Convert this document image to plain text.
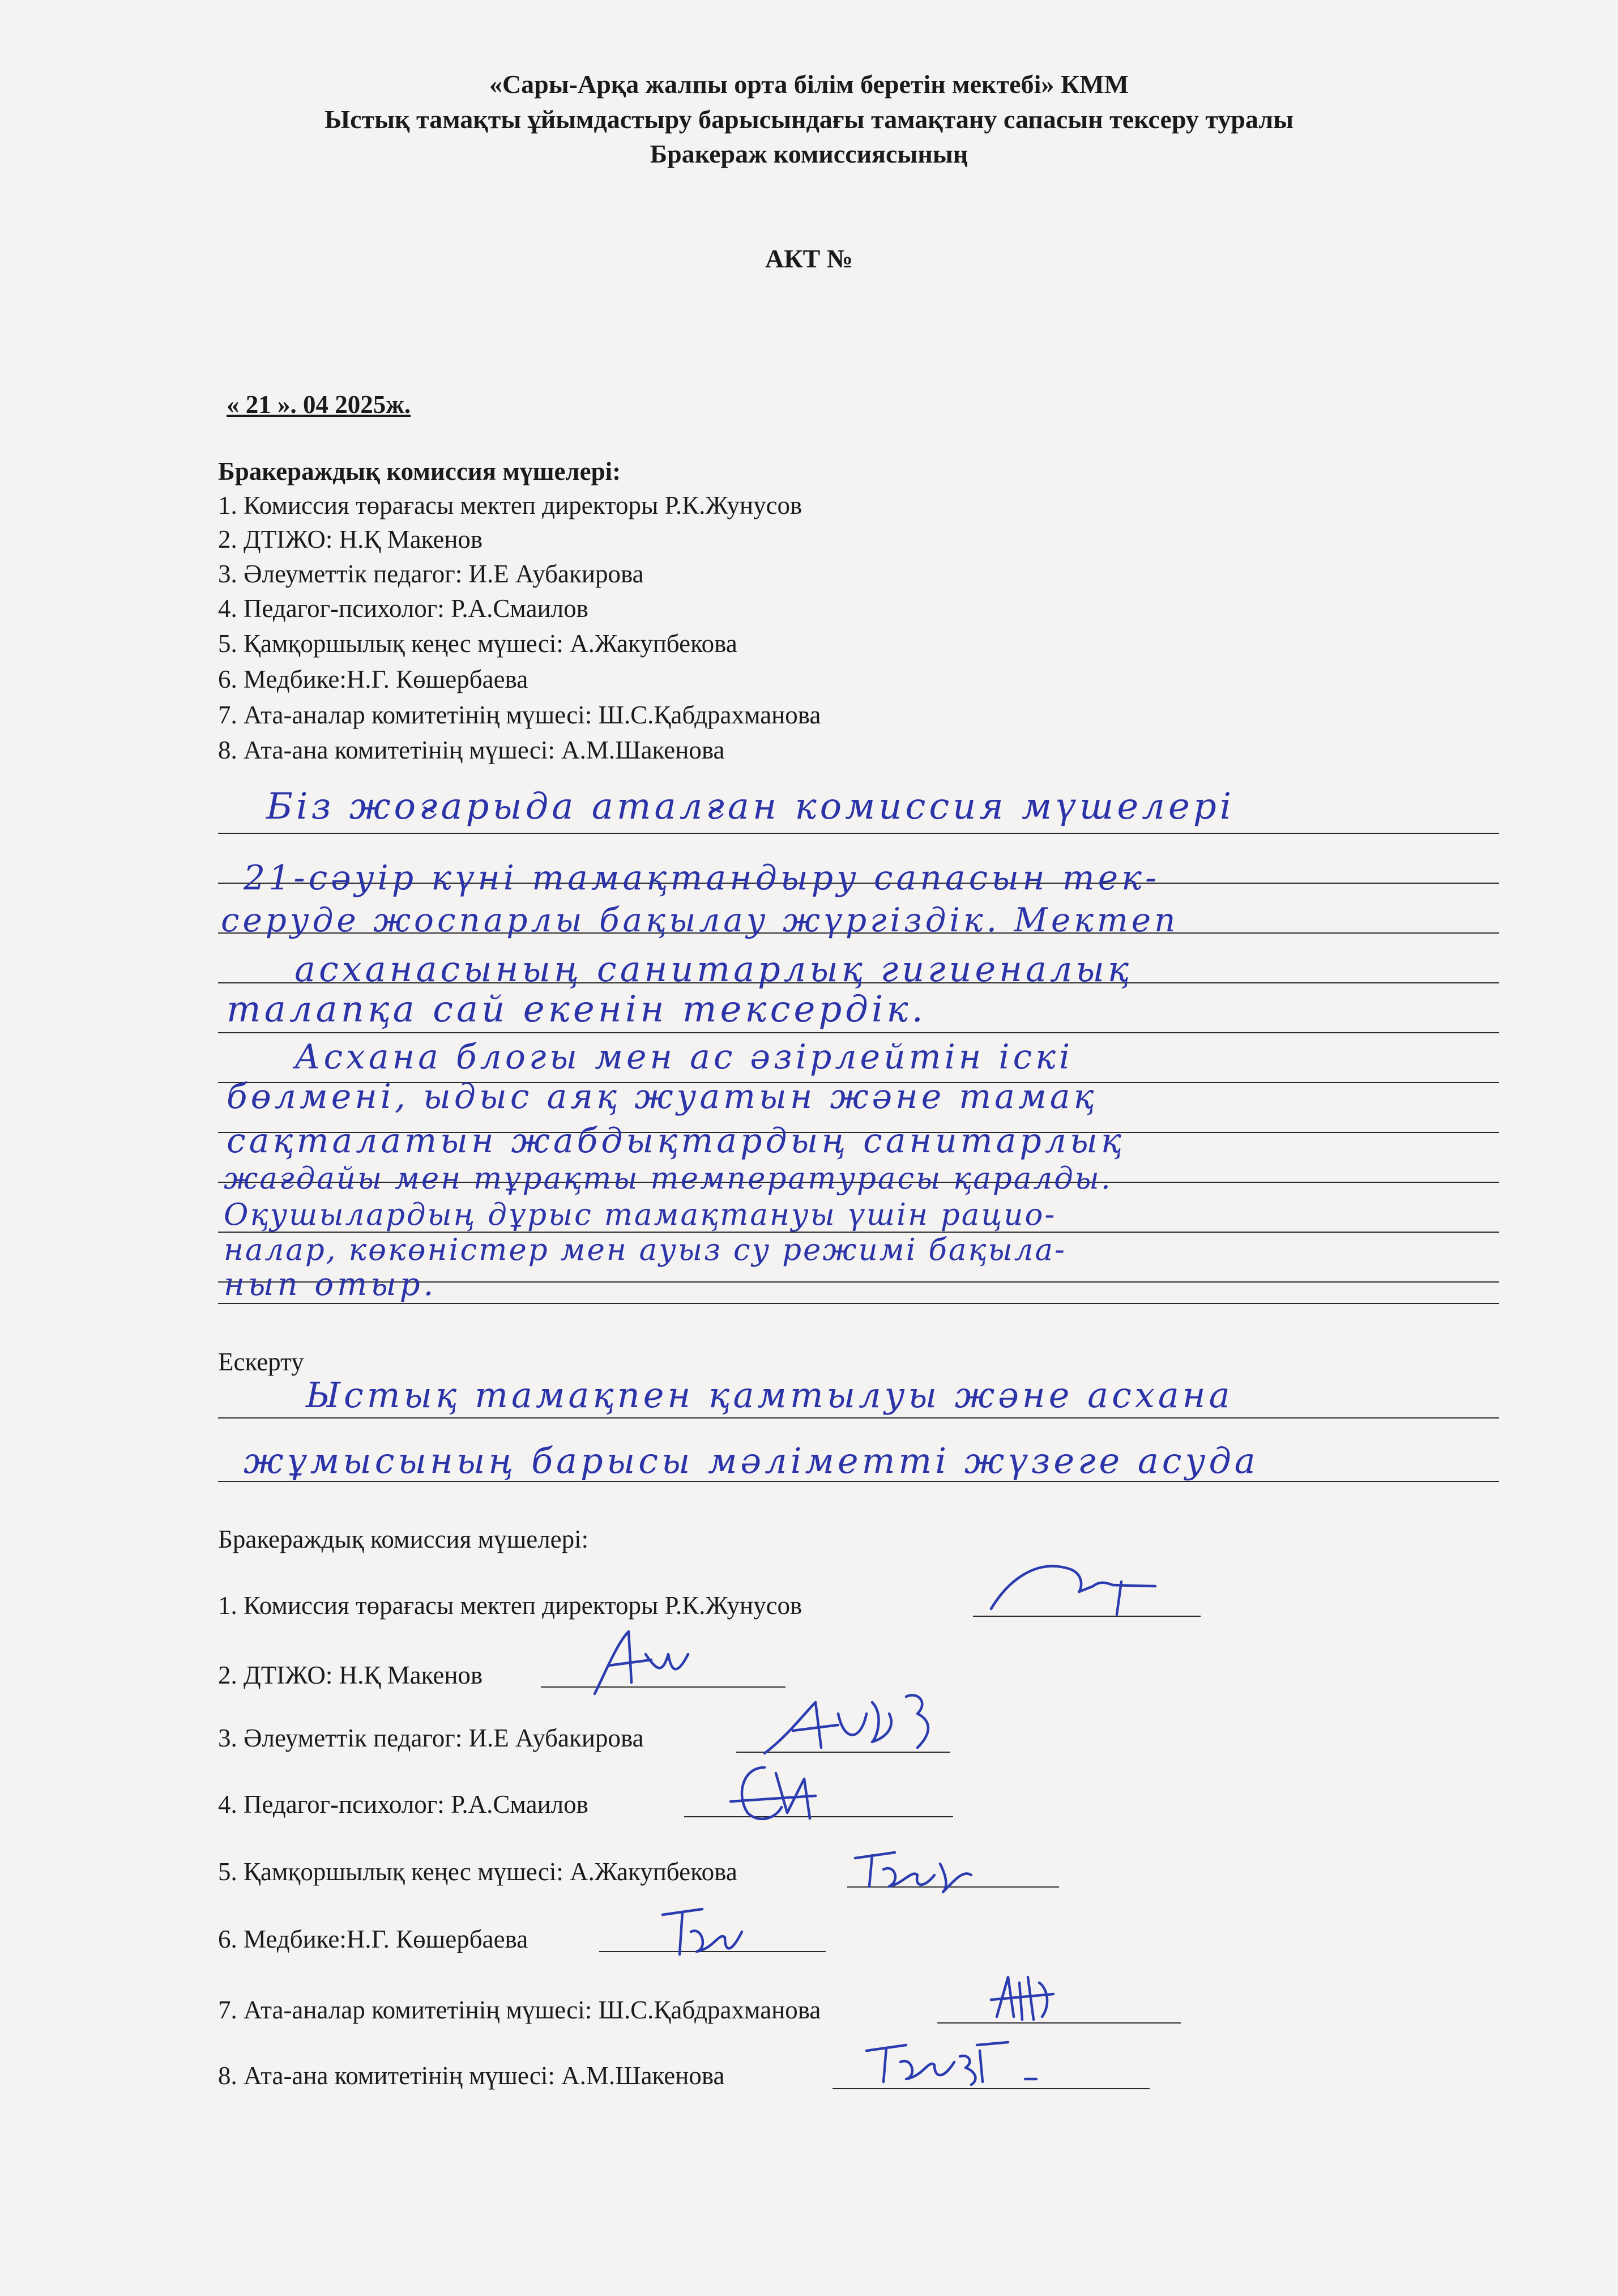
«Сары-Арқа жалпы орта білім беретін мектебі» КММ
Ыстық тамақты ұйымдастыру барысындағы тамақтану сапасын тексеру туралы
Бракераж комиссиясының
АКТ №
« 21 ». 04 2025ж.
Бракераждық комиссия мүшелері:
1. Комиссия төрағасы мектеп директоры Р.К.Жунусов
2. ДТІЖО: Н.Қ Макенов
3. Әлеуметтік педагог: И.Е Аубакирова
4. Педагог-психолог: Р.А.Смаилов
5. Қамқоршылық кеңес мүшесі: А.Жакупбекова
6. Медбике:Н.Г. Көшербаева
7. Ата-аналар комитетінің мүшесі: Ш.С.Қабдрахманова
8. Ата-ана комитетінің мүшесі: А.М.Шакенова
Біз жоғарыда аталған комиссия мүшелері
21-сәуір күні тамақтандыру сапасын тек-
серуде жоспарлы бақылау жүргіздік. Мектеп
асханасының санитарлық гигиеналық
талапқа сай екенін тексердік.
Асхана блогы мен ас әзірлейтін іскі
бөлмені, ыдыс аяқ жуатын және тамақ
сақталатын жабдықтардың санитарлық
жағдайы мен тұрақты температурасы қаралды.
Оқушылардың дұрыс тамақтануы үшін рацио-
налар, көкөністер мен ауыз су режимі бақыла-
нып отыр.
Ескерту
Ыстық тамақпен қамтылуы және асхана
жұмысының барысы мәліметті жүзеге асуда
Бракераждық комиссия мүшелері:
1. Комиссия төрағасы мектеп директоры Р.К.Жунусов
2. ДТІЖО: Н.Қ Макенов
3. Әлеуметтік педагог: И.Е Аубакирова
4. Педагог-психолог: Р.А.Смаилов
5. Қамқоршылық кеңес мүшесі: А.Жакупбекова
6. Медбике:Н.Г. Көшербаева
7. Ата-аналар комитетінің мүшесі: Ш.С.Қабдрахманова
8. Ата-ана комитетінің мүшесі: А.М.Шакенова
